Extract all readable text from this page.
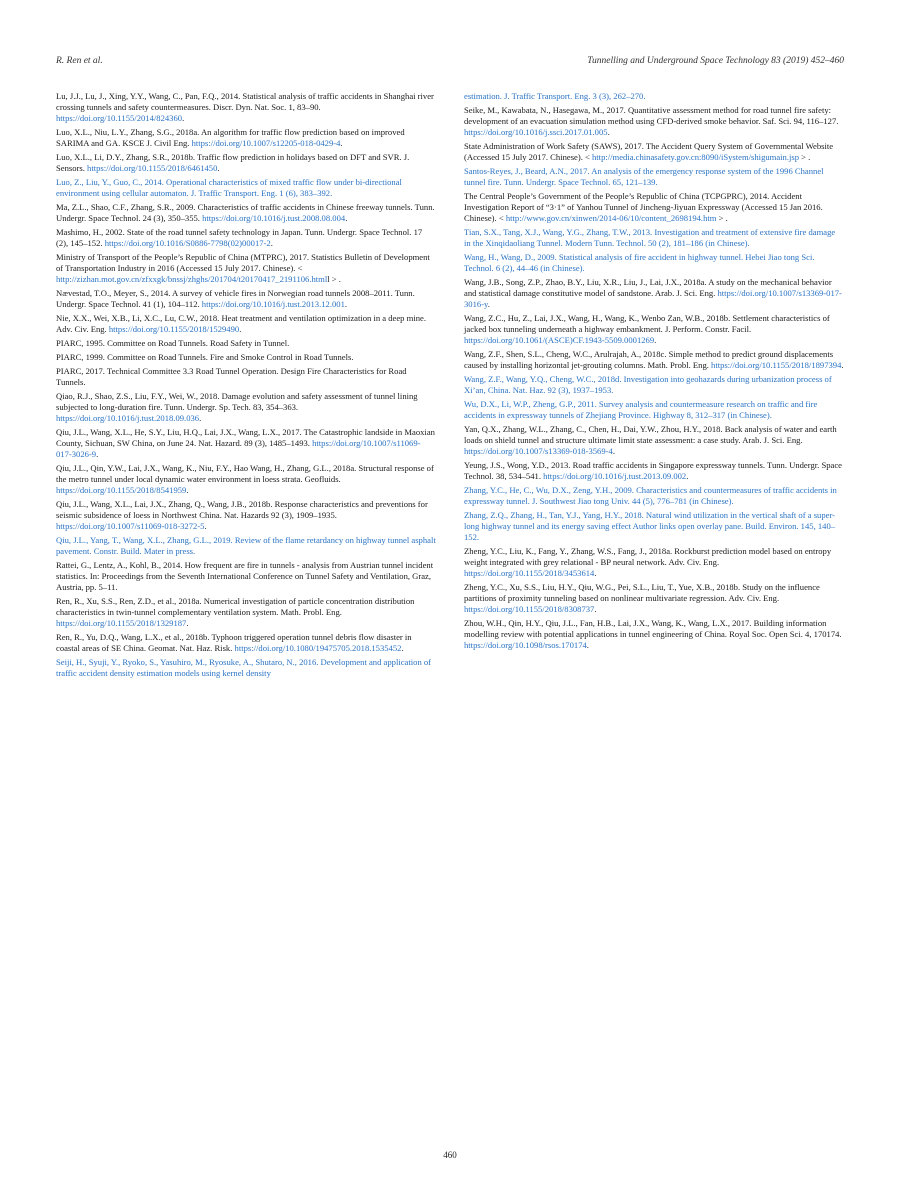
R. Ren et al.	Tunnelling and Underground Space Technology 83 (2019) 452–460

Lu, J.J., Lu, J., Xing, Y.Y., Wang, C., Pan, F.Q., 2014. Statistical analysis of traffic accidents in Shanghai river crossing tunnels and safety countermeasures. Discr. Dyn. Nat. Soc. 1, 83–90. https://doi.org/10.1155/2014/824360.

Luo, X.L., Niu, L.Y., Zhang, S.G., 2018a. An algorithm for traffic flow prediction based on improved SARIMA and GA. KSCE J. Civil Eng. https://doi.org/10.1007/s12205-018-0429-4.

Luo, X.L., Li, D.Y., Zhang, S.R., 2018b. Traffic flow prediction in holidays based on DFT and SVR. J. Sensors. https://doi.org/10.1155/2018/6461450.

Luo, Z., Liu, Y., Guo, C., 2014. Operational characteristics of mixed traffic flow under bi-directional environment using cellular automaton. J. Traffic Transport. Eng. 1 (6), 383–392.

Ma, Z.L., Shao, C.F., Zhang, S.R., 2009. Characteristics of traffic accidents in Chinese freeway tunnels. Tunn. Undergr. Space Technol. 24 (3), 350–355. https://doi.org/10.1016/j.tust.2008.08.004.

Mashimo, H., 2002. State of the road tunnel safety technology in Japan. Tunn. Undergr. Space Technol. 17 (2), 145–152. https://doi.org/10.1016/S0886-7798(02)00017-2.

Ministry of Transport of the People’s Republic of China (MTPRC), 2017. Statistics Bulletin of Development of Transportation Industry in 2016 (Accessed 15 July 2017. Chinese). < http://zizhan.mot.gov.cn/zfxxgk/bnssj/zhghs/201704/t20170417_2191106.htmll > .

Nævestad, T.O., Meyer, S., 2014. A survey of vehicle fires in Norwegian road tunnels 2008–2011. Tunn. Undergr. Space Technol. 41 (1), 104–112. https://doi.org/10.1016/j.tust.2013.12.001.

Nie, X.X., Wei, X.B., Li, X.C., Lu, C.W., 2018. Heat treatment and ventilation optimization in a deep mine. Adv. Civ. Eng. https://doi.org/10.1155/2018/1529490.

PIARC, 1995. Committee on Road Tunnels. Road Safety in Tunnel.

PIARC, 1999. Committee on Road Tunnels. Fire and Smoke Control in Road Tunnels.

PIARC, 2017. Technical Committee 3.3 Road Tunnel Operation. Design Fire Characteristics for Road Tunnels.

Qiao, R.J., Shao, Z.S., Liu, F.Y., Wei, W., 2018. Damage evolution and safety assessment of tunnel lining subjected to long-duration fire. Tunn. Undergr. Sp. Tech. 83, 354–363. https://doi.org/10.1016/j.tust.2018.09.036.

Qiu, J.L., Wang, X.L., He, S.Y., Liu, H.Q., Lai, J.X., Wang, L.X., 2017. The Catastrophic landside in Maoxian County, Sichuan, SW China, on June 24. Nat. Hazard. 89 (3), 1485–1493. https://doi.org/10.1007/s11069-017-3026-9.

Qiu, J.L., Qin, Y.W., Lai, J.X., Wang, K., Niu, F.Y., Hao Wang, H., Zhang, G.L., 2018a. Structural response of the metro tunnel under local dynamic water environment in loess strata. Geofluids. https://doi.org/10.1155/2018/8541959.

Qiu, J.L., Wang, X.L., Lai, J.X., Zhang, Q., Wang, J.B., 2018b. Response characteristics and preventions for seismic subsidence of loess in Northwest China. Nat. Hazards 92 (3), 1909–1935. https://doi.org/10.1007/s11069-018-3272-5.

Qiu, J.L., Yang, T., Wang, X.L., Zhang, G.L., 2019. Review of the flame retardancy on highway tunnel asphalt pavement. Constr. Build. Mater in press.

Rattei, G., Lentz, A., Kohl, B., 2014. How frequent are fire in tunnels - analysis from Austrian tunnel incident statistics. In: Proceedings from the Seventh International Conference on Tunnel Safety and Ventilation, Graz, Austria, pp. 5–11.

Ren, R., Xu, S.S., Ren, Z.D., et al., 2018a. Numerical investigation of particle concentration distribution characteristics in twin-tunnel complementary ventilation system. Math. Probl. Eng. https://doi.org/10.1155/2018/1329187.

Ren, R., Yu, D.Q., Wang, L.X., et al., 2018b. Typhoon triggered operation tunnel debris flow disaster in coastal areas of SE China. Geomat. Nat. Haz. Risk. https://doi.org/10.1080/19475705.2018.1535452.

Seiji, H., Syuji, Y., Ryoko, S., Yasuhiro, M., Ryosuke, A., Shutaro, N., 2016. Development and application of traffic accident density estimation models using kernel density

estimation. J. Traffic Transport. Eng. 3 (3), 262–270.

Seike, M., Kawabata, N., Hasegawa, M., 2017. Quantitative assessment method for road tunnel fire safety: development of an evacuation simulation method using CFD-derived smoke behavior. Saf. Sci. 94, 116–127. https://doi.org/10.1016/j.ssci.2017.01.005.

State Administration of Work Safety (SAWS), 2017. The Accident Query System of Governmental Website (Accessed 15 July 2017. Chinese). < http://media.chinasafety.gov.cn:8090/iSystem/shigumain.jsp > .

Santos-Reyes, J., Beard, A.N., 2017. An analysis of the emergency response system of the 1996 Channel tunnel fire. Tunn. Undergr. Space Technol. 65, 121–139.

The Central People’s Government of the People’s Republic of China (TCPGPRC), 2014. Accident Investigation Report of “3·1” of Yanhou Tunnel of Jincheng-Jiyuan Expressway (Accessed 15 Jan 2016. Chinese). < http://www.gov.cn/xinwen/2014-06/10/content_2698194.htm > .

Tian, S.X., Tang, X.J., Wang, Y.G., Zhang, T.W., 2013. Investigation and treatment of extensive fire damage in the Xinqidaoliang Tunnel. Modern Tunn. Technol. 50 (2), 181–186 (in Chinese).

Wang, H., Wang, D., 2009. Statistical analysis of fire accident in highway tunnel. Hebei Jiao tong Sci. Technol. 6 (2), 44–46 (in Chinese).

Wang, J.B., Song, Z.P., Zhao, B.Y., Liu, X.R., Liu, J., Lai, J.X., 2018a. A study on the mechanical behavior and statistical damage constitutive model of sandstone. Arab. J. Sci. Eng. https://doi.org/10.1007/s13369-017-3016-y.

Wang, Z.C., Hu, Z., Lai, J.X., Wang, H., Wang, K., Wenbo Zan, W.B., 2018b. Settlement characteristics of jacked box tunneling underneath a highway embankment. J. Perform. Constr. Facil. https://doi.org/10.1061/(ASCE)CF.1943-5509.0001269.

Wang, Z.F., Shen, S.L., Cheng, W.C., Arulrajah, A., 2018c. Simple method to predict ground displacements caused by installing horizontal jet-grouting columns. Math. Probl. Eng. https://doi.org/10.1155/2018/1897394.

Wang, Z.F., Wang, Y.Q., Cheng, W.C., 2018d. Investigation into geohazards during urbanization process of Xi’an, China. Nat. Haz. 92 (3), 1937–1953.

Wu, D.X., Li, W.P., Zheng, G.P., 2011. Survey analysis and countermeasure research on traffic and fire accidents in expressway tunnels of Zhejiang Province. Highway 8, 312–317 (in Chinese).

Yan, Q.X., Zhang, W.L., Zhang, C., Chen, H., Dai, Y.W., Zhou, H.Y., 2018. Back analysis of water and earth loads on shield tunnel and structure ultimate limit state assessment: a case study. Arab. J. Sci. Eng. https://doi.org/10.1007/s13369-018-3569-4.

Yeung, J.S., Wong, Y.D., 2013. Road traffic accidents in Singapore expressway tunnels. Tunn. Undergr. Space Technol. 38, 534–541. https://doi.org/10.1016/j.tust.2013.09.002.

Zhang, Y.C., He, C., Wu, D.X., Zeng, Y.H., 2009. Characteristics and countermeasures of traffic accidents in expressway tunnel. J. Southwest Jiao tong Univ. 44 (5), 776–781 (in Chinese).

Zhang, Z.Q., Zhang, H., Tan, Y.J., Yang, H.Y., 2018. Natural wind utilization in the vertical shaft of a super-long highway tunnel and its energy saving effect Author links open overlay pane. Build. Environ. 145, 140–152.

Zheng, Y.C., Liu, K., Fang, Y., Zhang, W.S., Fang, J., 2018a. Rockburst prediction model based on entropy weight integrated with grey relational - BP neural network. Adv. Civ. Eng. https://doi.org/10.1155/2018/3453614.

Zheng, Y.C., Xu, S.S., Liu, H.Y., Qiu, W.G., Pei, S.L., Liu, T., Yue, X.B., 2018b. Study on the influence partitions of proximity tunneling based on nonlinear multivariate regression. Adv. Civ. Eng. https://doi.org/10.1155/2018/8308737.

Zhou, W.H., Qin, H.Y., Qiu, J.L., Fan, H.B., Lai, J.X., Wang, K., Wang, L.X., 2017. Building information modelling review with potential applications in tunnel engineering of China. Royal Soc. Open Sci. 4, 170174. https://doi.org/10.1098/rsos.170174.

460
